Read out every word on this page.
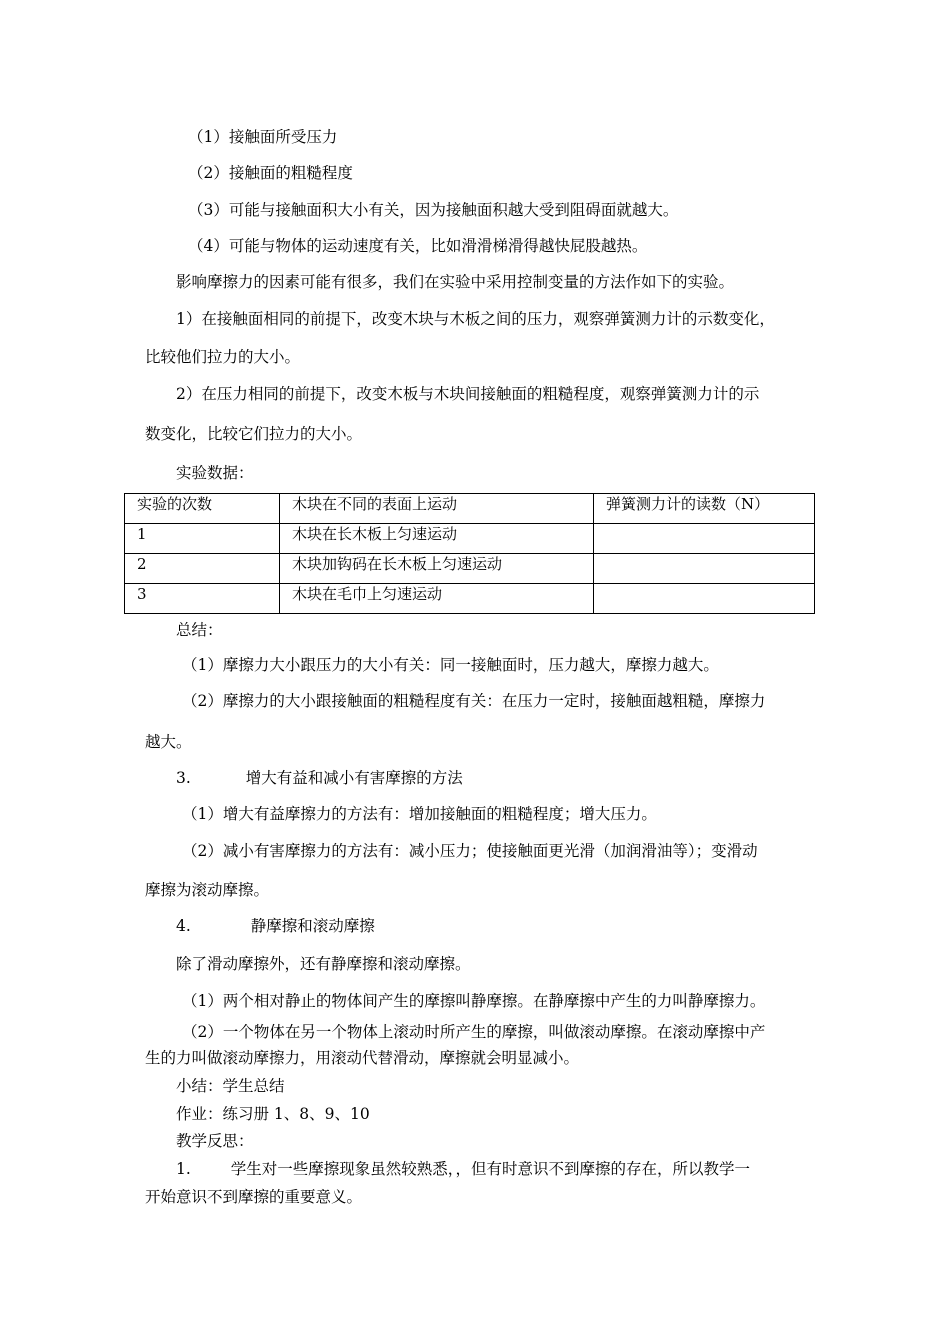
（1）接触面所受压力
（2）接触面的粗糙程度
（3）可能与接触面积大小有关，因为接触面积越大受到阻碍面就越大。
（4）可能与物体的运动速度有关，比如滑滑梯滑得越快屁股越热。
影响摩擦力的因素可能有很多，我们在实验中采用控制变量的方法作如下的实验。
1）在接触面相同的前提下，改变木块与木板之间的压力，观察弹簧测力计的示数变化，
比较他们拉力的大小。
2）在压力相同的前提下，改变木板与木块间接触面的粗糙程度，观察弹簧测力计的示
数变化，比较它们拉力的大小。
实验数据：
实验的次数	木块在不同的表面上运动	弹簧测力计的读数（N）
1	木块在长木板上匀速运动	
2	木块加钩码在长木板上匀速运动	
3	木块在毛巾上匀速运动	
总结：
（1）摩擦力大小跟压力的大小有关：同一接触面时，压力越大，摩擦力越大。
（2）摩擦力的大小跟接触面的粗糙程度有关：在压力一定时，接触面越粗糙，摩擦力
越大。
3.	增大有益和减小有害摩擦的方法
（1）增大有益摩擦力的方法有：增加接触面的粗糙程度；增大压力。
（2）减小有害摩擦力的方法有：减小压力；使接触面更光滑（加润滑油等）；变滑动
摩擦为滚动摩擦。
4.	静摩擦和滚动摩擦
除了滑动摩擦外，还有静摩擦和滚动摩擦。
（1）两个相对静止的物体间产生的摩擦叫静摩擦。在静摩擦中产生的力叫静摩擦力。
（2）一个物体在另一个物体上滚动时所产生的摩擦，叫做滚动摩擦。在滚动摩擦中产
生的力叫做滚动摩擦力，用滚动代替滑动，摩擦就会明显减小。
小结：学生总结
作业：练习册 1、8、9、10
教学反思：
1.	学生对一些摩擦现象虽然较熟悉，，但有时意识不到摩擦的存在，所以教学一
开始意识不到摩擦的重要意义。
